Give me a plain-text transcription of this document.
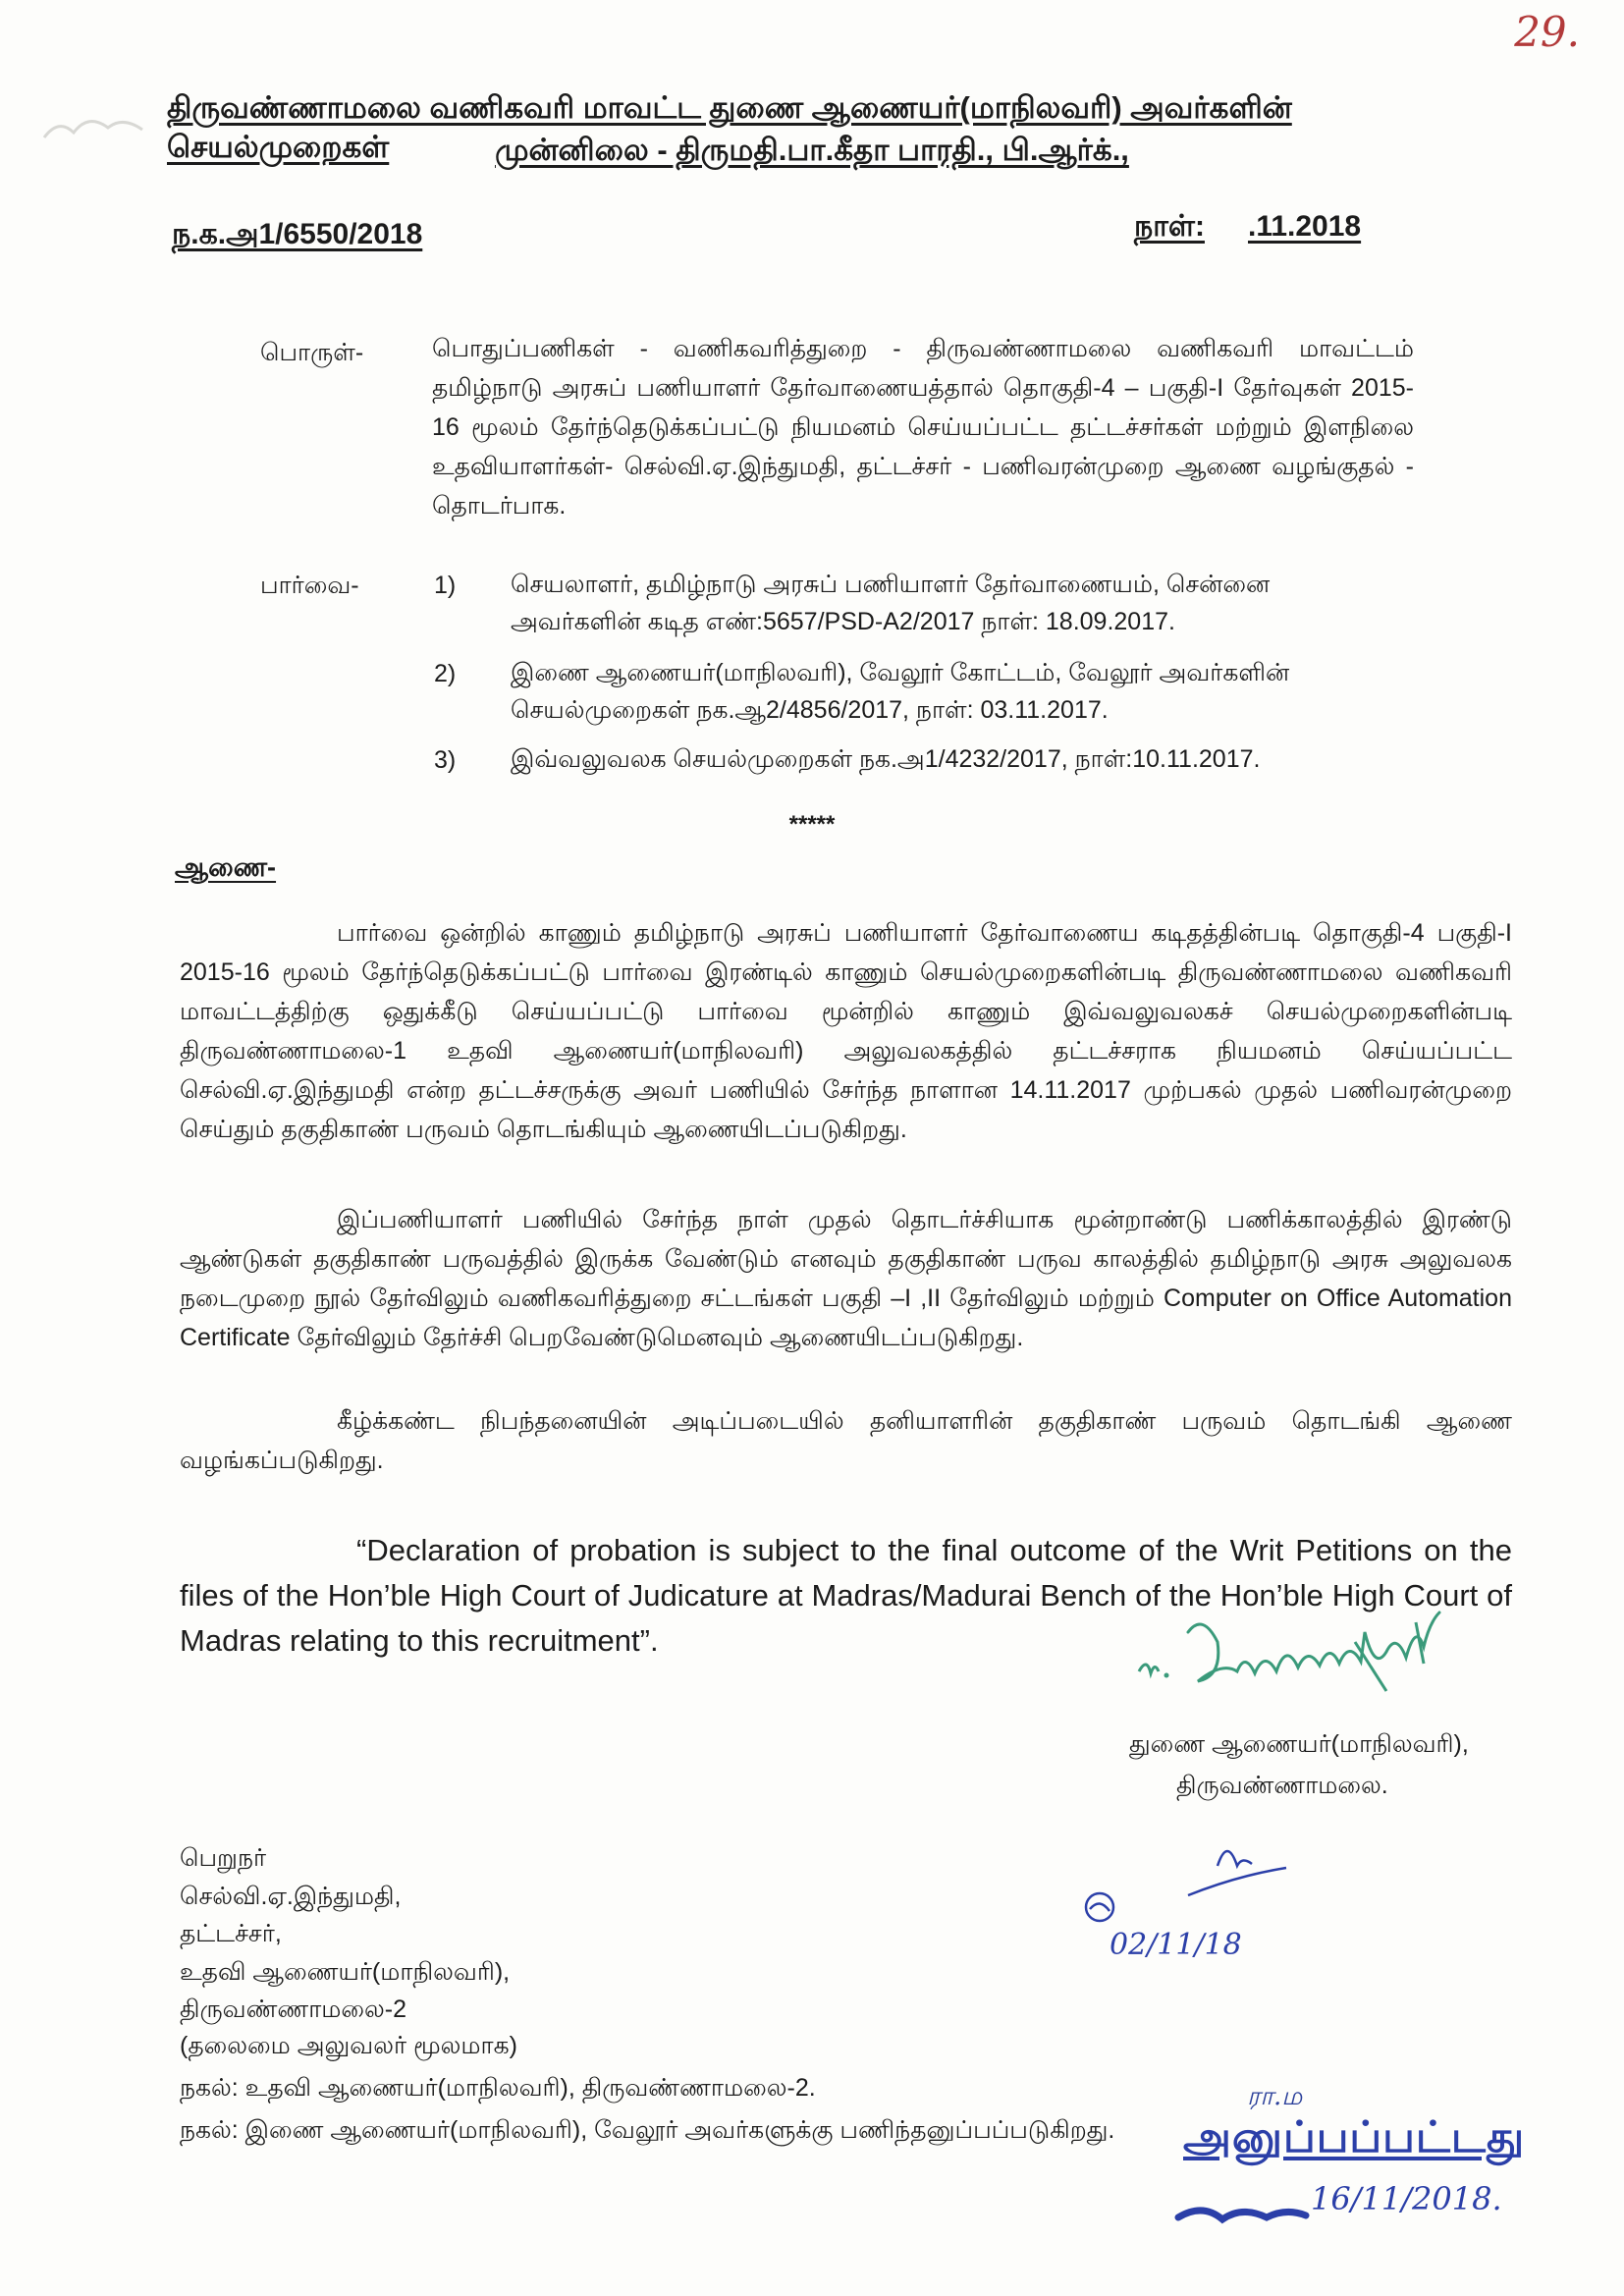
29.
திருவண்ணாமலை வணிகவரி மாவட்ட துணை ஆணையர்(மாநிலவரி) அவர்களின் செயல்முறைகள்	முன்னிலை - திருமதி.பா.கீதா பாரதி., பி.ஆர்க்.,
ந.க.அ1/6550/2018	நாள்: .11.2018
பொருள்-	பொதுப்பணிகள் - வணிகவரித்துறை - திருவண்ணாமலை வணிகவரி மாவட்டம் தமிழ்நாடு அரசுப் பணியாளர் தேர்வாணையத்தால் தொகுதி-4 – பகுதி-I தேர்வுகள் 2015-16 மூலம் தேர்ந்தெடுக்கப்பட்டு நியமனம் செய்யப்பட்ட தட்டச்சர்கள் மற்றும் இளநிலை உதவியாளர்கள்- செல்வி.ஏ.இந்துமதி, தட்டச்சர் - பணிவரன்முறை ஆணை வழங்குதல் - தொடர்பாக.
பார்வை-	1) செயலாளர், தமிழ்நாடு அரசுப் பணியாளர் தேர்வாணையம், சென்னை அவர்களின் கடித எண்:5657/PSD-A2/2017 நாள்: 18.09.2017.
2) இணை ஆணையர்(மாநிலவரி), வேலூர் கோட்டம், வேலூர் அவர்களின் செயல்முறைகள் நக.ஆ2/4856/2017, நாள்: 03.11.2017.
3) இவ்வலுவலக செயல்முறைகள் நக.அ1/4232/2017, நாள்:10.11.2017.
*****
ஆணை-
பார்வை ஒன்றில் காணும் தமிழ்நாடு அரசுப் பணியாளர் தேர்வாணைய கடிதத்தின்படி தொகுதி-4 பகுதி-I 2015-16 மூலம் தேர்ந்தெடுக்கப்பட்டு பார்வை இரண்டில் காணும் செயல்முறைகளின்படி திருவண்ணாமலை வணிகவரி மாவட்டத்திற்கு ஒதுக்கீடு செய்யப்பட்டு பார்வை மூன்றில் காணும் இவ்வலுவலகச் செயல்முறைகளின்படி திருவண்ணாமலை-1 உதவி ஆணையர்(மாநிலவரி) அலுவலகத்தில் தட்டச்சராக நியமனம் செய்யப்பட்ட செல்வி.ஏ.இந்துமதி என்ற தட்டச்சருக்கு அவர் பணியில் சேர்ந்த நாளான 14.11.2017 முற்பகல் முதல் பணிவரன்முறை செய்தும் தகுதிகாண் பருவம் தொடங்கியும் ஆணையிடப்படுகிறது.
இப்பணியாளர் பணியில் சேர்ந்த நாள் முதல் தொடர்ச்சியாக மூன்றாண்டு பணிக்காலத்தில் இரண்டு ஆண்டுகள் தகுதிகாண் பருவத்தில் இருக்க வேண்டும் எனவும் தகுதிகாண் பருவ காலத்தில் தமிழ்நாடு அரசு அலுவலக நடைமுறை நூல் தேர்விலும் வணிகவரித்துறை சட்டங்கள் பகுதி –I ,II தேர்விலும் மற்றும் Computer on Office Automation Certificate தேர்விலும் தேர்ச்சி பெறவேண்டுமெனவும் ஆணையிடப்படுகிறது.
கீழ்க்கண்ட நிபந்தனையின் அடிப்படையில் தனியாளரின் தகுதிகாண் பருவம் தொடங்கி ஆணை வழங்கப்படுகிறது.
“Declaration of probation is subject to the final outcome of the Writ Petitions on the files of the Hon’ble High Court of Judicature at Madras/Madurai Bench of the Hon’ble High Court of Madras relating to this recruitment”.
துணை ஆணையர்(மாநிலவரி),
திருவண்ணாமலை.
02/11/18
பெறுநர்
செல்வி.ஏ.இந்துமதி,
தட்டச்சர்,
உதவி ஆணையர்(மாநிலவரி),
திருவண்ணாமலை-2
(தலைமை அலுவலர் மூலமாக)
நகல்: உதவி ஆணையர்(மாநிலவரி), திருவண்ணாமலை-2.
நகல்: இணை ஆணையர்(மாநிலவரி), வேலூர் அவர்களுக்கு பணிந்தனுப்பப்படுகிறது.
ரா.ம
அனுப்பப்பட்டது
16/11/2018.
